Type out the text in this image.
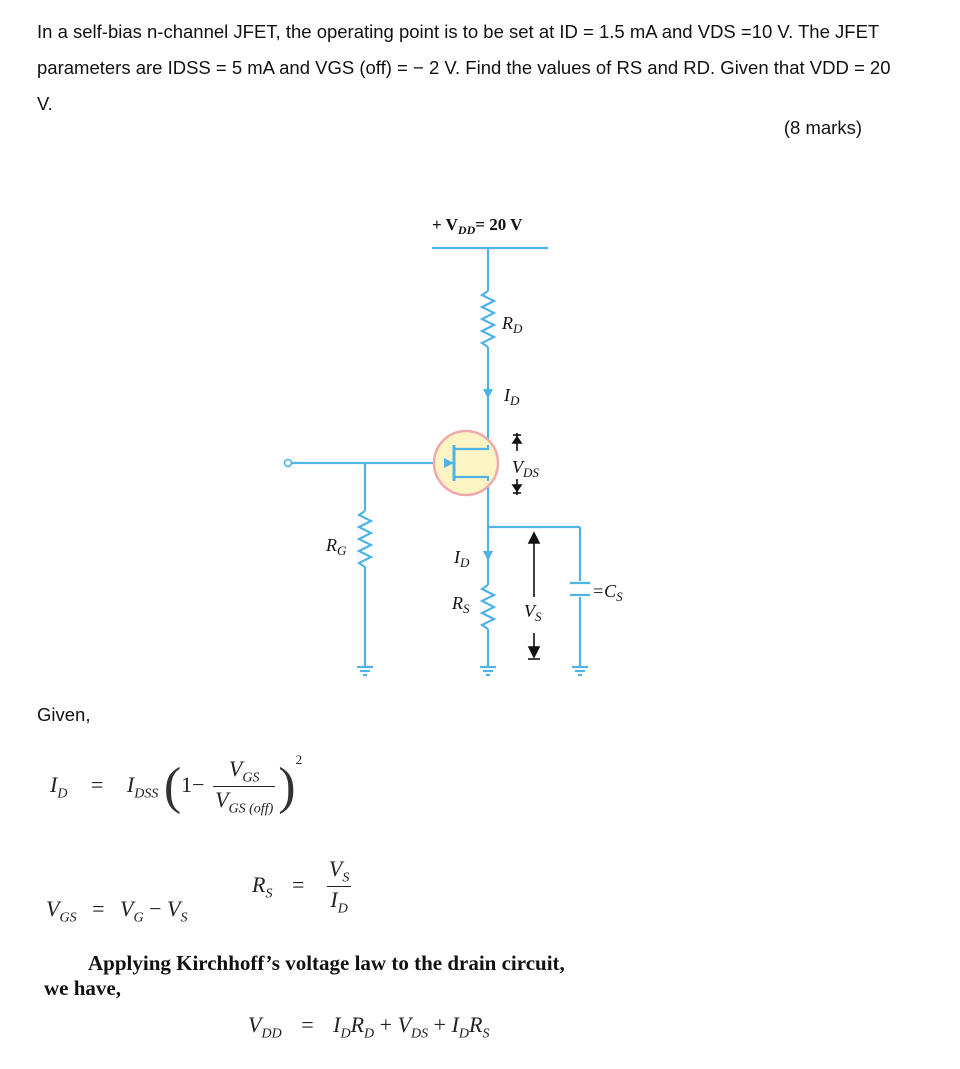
In a self-bias n-channel JFET, the operating point is to be set at ID = 1.5 mA and VDS =10 V. The JFET parameters are IDSS = 5 mA and VGS (off) = − 2 V. Find the values of RS and RD. Given that VDD = 20 V.

(8 marks)
+ $V_{DD}= 20$ V
$R_D$
$I_D$
$V_{DS}$
$R_G$	$I_D$
$R_S$	$V_S$
$=C_S$
Given,
$I_D = I_{DSS}$ $(1- \frac{V_{GS}}{V_{GS (off)}} )^2$
$R_S = \frac{V_S}{I_D}$
$V_{GS} = V_G - V_S$
Applying Kirchhoff’s voltage law to the drain circuit,
we have,
$V_{DD} = I_DR_D + V_{DS} + I_DR_S$
